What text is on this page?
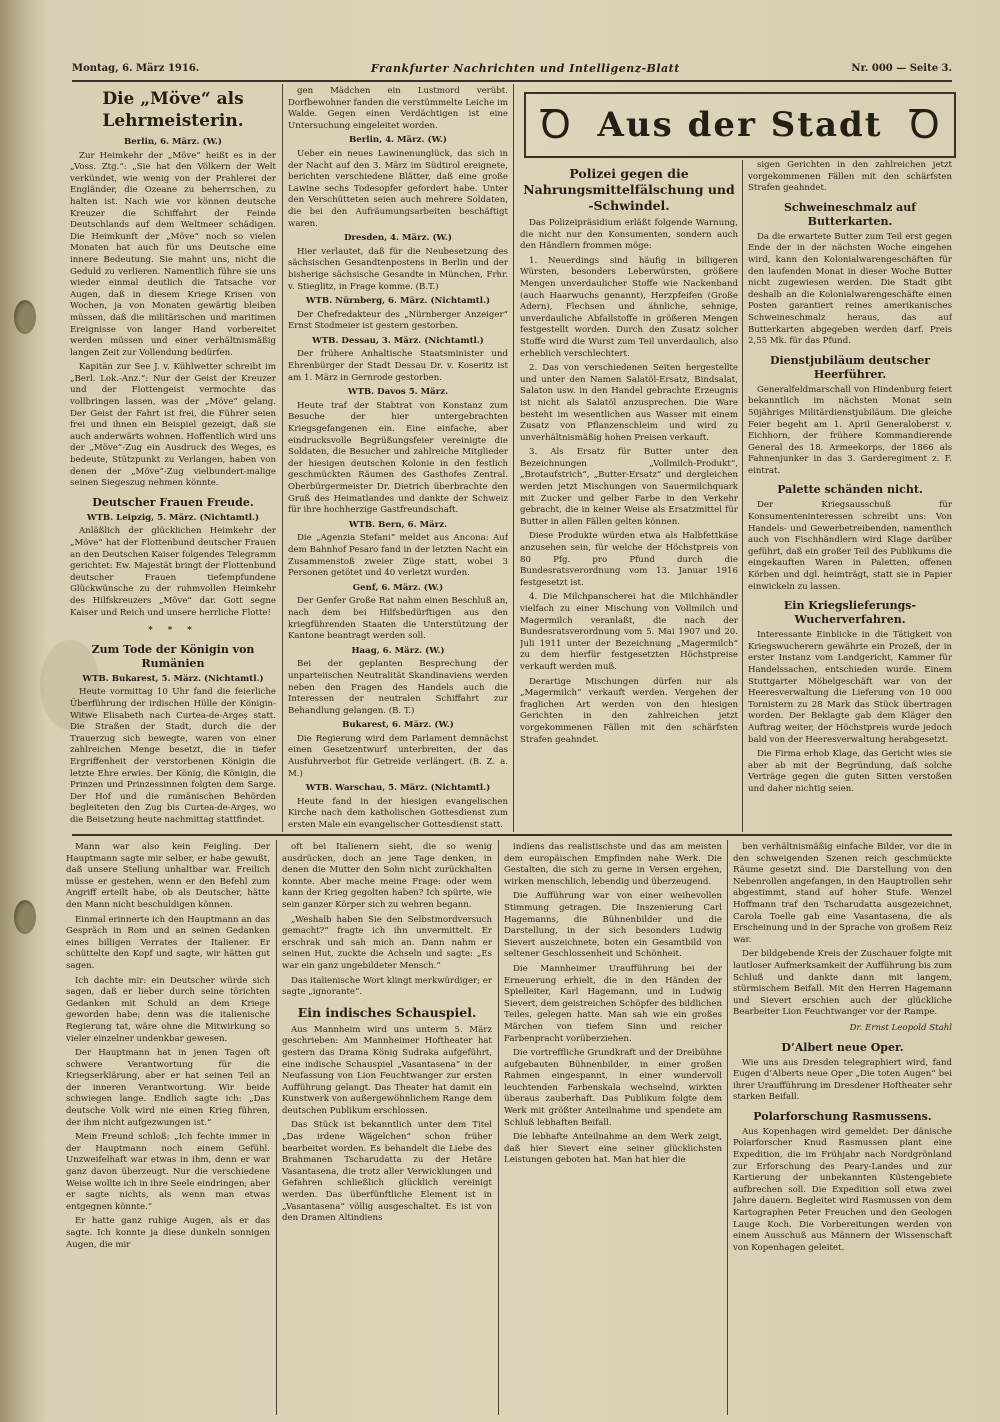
Montag, 6. März 1916.	Frankfurter Nachrichten und Intelligenz-Blatt	Nr. 000 — Seite 3.
Die „Möve“ als Lehrmeisterin.
Berlin, 6. März. (W.)

Zur Heimkehr der „Möve“ heißt es in der „Voss. Ztg.“: „Sie hat den Völkern der Welt verkündet, wie wenig von der Prahlerei der Engländer, die Ozeane zu beherrschen, zu halten ist. Nach wie vor können deutsche Kreuzer die Schiffahrt der Feinde Deutschlands auf dem Weltmeer schädigen. Die Heimkunft der „Möve“ noch so vielen Monaten hat auch für uns Deutsche eine innere Bedeutung. Sie mahnt uns, nicht die Geduld zu verlieren. Namentlich führe sie uns wieder einmal deutlich die Tatsache vor Augen, daß in diesem Kriege Krisen von Wochen, ja von Monaten gewärtig bleiben müssen, daß die militärischen und maritimen Ereignisse von langer Hand vorbereitet werden müssen und einer verhältnismäßig langen Zeit zur Vollendung bedürfen.

Kapitän zur See J. v. Kühlwetter schreibt im „Berl. Lok.-Anz.“: Nur der Geist der Kreuzer und der Flottengeist vermochte das vollbringen lassen, was der „Möve“ gelang. Der Geist der Fahrt ist frei, die Führer seien frei und ihnen ein Beispiel gezeigt, daß sie auch anderwärts wohnen. Hoffentlich wird uns der „Möve“-Zug ein Ausdruck des Weges, es bedeute, Stützpunkt zu Verlangen, haben von denen der „Möve“-Zug vielbundert-malige seinen Siegeszug nehmen könnte.

Deutscher Frauen Freude.
WTB. Leipzig, 5. März. (Nichtamtl.)

Anläßlich der glücklichen Heimkehr der „Möve“ hat der Flottenbund deutscher Frauen an den Deutschen Kaiser folgendes Telegramm gerichtet: Ew. Majestät bringt der Flottenbund deutscher Frauen tiefempfundene Glückwünsche zu der ruhmvollen Heimkehr des Hilfskreuzers „Möve“ dar. Gott segne Kaiser und Reich und unsere herrliche Flotte!

* * *
Zum Tode der Königin von Rumänien
WTB. Bukarest, 5. März. (Nichtamtl.)

Heute vormittag 10 Uhr fand die feierliche Überführung der irdischen Hülle der Königin-Witwe Elisabeth nach Curtea-de-Argeș statt. Die Straßen der Stadt, durch die der Trauerzug sich bewegte, waren von einer zahlreichen Menge besetzt, die in tiefer Ergriffenheit der verstorbenen Königin die letzte Ehre erwies. Der König, die Königin, die Prinzen und Prinzessinnen folgten dem Sarge. Der Hof und die rumänischen Behörden begleiteten den Zug bis Curtea-de-Argeș, wo die Beisetzung heute nachmittag stattfindet.

gen Mädchen ein Lustmord verübt. Dorfbewohner fanden die verstümmelte Leiche im Walde. Gegen einen Verdächtigen ist eine Untersuchung eingeleitet worden.

Berlin, 4. März. (W.)

Ueber ein neues Lawinenunglück, das sich in der Nacht auf den 3. März im Südtirol ereignete, berichten verschiedene Blätter, daß eine große Lawine sechs Todesopfer gefordert habe. Unter den Verschütteten seien auch mehrere Soldaten, die bei den Aufräumungsarbeiten beschäftigt waren.

Dresden, 4. März. (W.)

Hier verlautet, daß für die Neubesetzung des sächsischen Gesandtenpostens in Berlin und der bisherige sächsische Gesandte in München, Frhr. v. Stieglitz, in Frage komme. (B.T.)

WTB. Nürnberg, 6. März. (Nichtamtl.)

Der Chefredakteur des „Nürnberger Anzeiger“ Ernst Stodmeier ist gestern gestorben.

WTB. Dessau, 3. März. (Nichtamtl.)

Der frühere Anhaltische Staatsminister und Ehrenbürger der Stadt Dessau Dr. v. Koseritz ist am 1. März in Gernrode gestorben.

WTB. Davos 5. März.

Heute traf der Stabtrat von Konstanz zum Besuche der hier untergebrachten Kriegsgefangenen ein. Eine einfache, aber eindrucksvolle Begrüßungsfeier vereinigte die Soldaten, die Besucher und zahlreiche Mitglieder der hiesigen deutschen Kolonie in den festlich geschmückten Räumen des Gasthofes Zentral. Oberbürgermeister Dr. Dietrich überbrachte den Gruß des Heimatlandes und dankte der Schweiz für ihre hochherzige Gastfreundschaft.

WTB. Bern, 6. März.

Die „Agenzia Stefani“ meldet aus Ancona: Auf dem Bahnhof Pesaro fand in der letzten Nacht ein Zusammenstoß zweier Züge statt, wobei 3 Personen getötet und 40 verletzt wurden.

Genf, 6. März. (W.)

Der Genfer Große Rat nahm einen Beschluß an, nach dem bei Hilfsbedürftigen aus den kriegführenden Staaten die Unterstützung der Kantone beantragt werden soll.

Haag, 6. März. (W.)

Bei der geplanten Besprechung der unparteiischen Neutralität Skandinaviens werden neben den Fragen des Handels auch die Interessen der neutralen Schiffahrt zur Behandlung gelangen. (B. T.)

Bukarest, 6. März. (W.)

Die Regierung wird dem Parlament demnächst einen Gesetzentwurf unterbreiten, der das Ausfuhrverbot für Getreide verlängert. (B. Z. a. M.)

WTB. Warschau, 5. März. (Nichtamtl.)

Heute fand in der hiesigen evangelischen Kirche nach dem katholischen Gottesdienst zum ersten Male ein evangelischer Gottesdienst statt.

Ꝺ Aus der Stadt Ꝺ
Polizei gegen die Nahrungsmittelfälschung und -Schwindel.

Das Polizeipräsidium erläßt folgende Warnung, die nicht nur den Konsumenten, sondern auch den Händlern frommen möge:

1. Neuerdings sind häufig in billigeren Würsten, besonders Leberwürsten, größere Mengen unverdaulicher Stoffe wie Nackenband (auch Haarwuchs genannt), Herzpfeifen (Große Adern), Flechsen und ähnliche, sehnige, unverdauliche Abfallstoffe in größeren Mengen festgestellt worden. Durch den Zusatz solcher Stoffe wird die Wurst zum Teil unverdaulich, also erheblich verschlechtert.

2. Das von verschiedenen Seiten hergestellte und unter den Namen Salatöl-Ersatz, Bindsalat, Salaton usw. in den Handel gebrachte Erzeugnis ist nicht als Salatöl anzusprechen. Die Ware besteht im wesentlichen aus Wasser mit einem Zusatz von Pflanzenschleim und wird zu unverhältnismäßig hohen Preisen verkauft.

3. Als Ersatz für Butter unter den Bezeichnungen „Vollmilch-Produkt“, „Brotaufstrich“, „Butter-Ersatz“ und dergleichen werden jetzt Mischungen von Sauermilchquark mit Zucker und gelber Farbe in den Verkehr gebracht, die in keiner Weise als Ersatzmittel für Butter in allen Fällen gelten können.

Diese Produkte würden etwa als Halbfettkäse anzusehen sein, für welche der Höchstpreis von 80 Pfg. pro Pfund durch die Bundesratsverordnung vom 13. Januar 1916 festgesetzt ist.

4. Die Milchpanscherei hat die Milchhändler vielfach zu einer Mischung von Vollmilch und Magermilch veranlaßt, die nach der Bundesratsverordnung vom 5. Mai 1907 und 20. Juli 1911 unter der Bezeichnung „Magermilch“ zu dem hierfür festgesetzten Höchstpreise verkauft werden muß.

Derartige Mischungen dürfen nur als „Magermilch“ verkauft werden. Vergehen der fraglichen Art werden von den hiesigen Gerichten in den zahlreichen jetzt vorgekommenen Fällen mit den schärfsten Strafen geahndet.

sigen Gerichten in den zahlreichen jetzt vorgekommenen Fällen mit den schärfsten Strafen geahndet.

Schweineschmalz auf Butterkarten.

Da die erwartete Butter zum Teil erst gegen Ende der in der nächsten Woche eingehen wird, kann den Kolonialwarengeschäften für den laufenden Monat in dieser Woche Butter nicht zugewiesen werden. Die Stadt gibt deshalb an die Kolonialwarengeschäfte einen Posten garantiert reines amerikanisches Schweineschmalz heraus, das auf Butterkarten abgegeben werden darf. Preis 2,55 Mk. für das Pfund.

Dienstjubiläum deutscher Heerführer.

Generalfeldmarschall von Hindenburg feiert bekanntlich im nächsten Monat sein 50jähriges Militärdienstjubiläum. Die gleiche Feier begeht am 1. April Generaloberst v. Eichhorn, der frühere Kommandierende General des 18. Armeekorps, der 1866 als Fahnenjunker in das 3. Garderegiment z. F. eintrat.

Palette schänden nicht.

Der Kriegsausschuß für Konsumenteninteressen schreibt uns: Von Handels- und Gewerbetreibenden, namentlich auch von Fischhändlern wird Klage darüber geführt, daß ein großer Teil des Publikums die eingekauften Waren in Paletten, offenen Körben und dgl. heimträgt, statt sie in Papier einwickeln zu lassen.

Ein Kriegslieferungs-Wucherverfahren.

Interessante Einblicke in die Tätigkeit von Kriegswucherern gewährte ein Prozeß, der in erster Instanz vom Landgericht, Kammer für Handelssachen, entschieden wurde. Einem Stuttgarter Möbelgeschäft war von der Heeresverwaltung die Lieferung von 10 000 Tornistern zu 28 Mark das Stück übertragen worden. Der Beklagte gab dem Kläger den Auftrag weiter, der Höchstpreis wurde jedoch bald von der Heeresverwaltung herabgesetzt.

Die Firma erhob Klage, das Gericht wies sie aber ab mit der Begründung, daß solche Verträge gegen die guten Sitten verstoßen und daher nichtig seien.

Mann war also kein Feigling. Der Hauptmann sagte mir selber, er habe gewußt, daß unsere Stellung unhaltbar war. Freilich müsse er gestehen, wenn er den Befehl zum Angriff erteilt habe, ob als Deutscher, hätte den Mann nicht beschuldigen können.

Einmal erinnerte ich den Hauptmann an das Gespräch in Rom und an seinen Gedanken eines billigen Verrates der Italiener. Er schüttelte den Kopf und sagte, wir hätten gut sagen.

Ich dachte mir: ein Deutscher würde sich sagen, daß er lieber durch seine törichten Gedanken mit Schuld an dem Kriege geworden habe; denn was die italienische Regierung tat, wäre ohne die Mitwirkung so vieler einzelner undenkbar gewesen.

Der Hauptmann hat in jenen Tagen oft schwere Verantwortung für die Kriegserklärung, aber er hat seinen Teil an der inneren Verantwortung. Wir beide schwiegen lange. Endlich sagte ich: „Das deutsche Volk wird nie einen Krieg führen, der ihm nicht aufgezwungen ist.“

Mein Freund schloß: „Ich fechte immer in der Hauptmann noch einem Gefühl. Unzweifelhaft war etwas in ihm, denn er war ganz davon überzeugt. Nur die verschiedene Weise wollte ich in ihre Seele eindringen; aber er sagte nichts, als wenn man etwas entgegnen könnte.“

Er hatte ganz ruhige Augen, als er das sagte. Ich konnte ja diese dunkeln sonnigen Augen, die mir

oft bei Italienern sieht, die so wenig ausdrücken, doch an jene Tage denken, in denen die Mutter den Sohn nicht zurückhalten konnte. Aber mache meine Frage: oder wem kann der Krieg gegolten haben? Ich spürte, wie sein ganzer Körper sich zu wehren begann.

„Weshalb haben Sie den Selbstmordversuch gemacht?“ fragte ich ihn unvermittelt. Er erschrak und sah mich an. Dann nahm er seinen Hut, zuckte die Achseln und sagte: „Es war ein ganz ungebildeter Mensch.“

Das italienische Wort klingt merkwürdiger; er sagte „ignorante“.

Ein indisches Schauspiel.

Aus Mannheim wird uns unterm 5. März geschrieben: Am Mannheimer Hoftheater hat gestern das Drama König Sudraka aufgeführt, eine indische Schauspiel „Vasantasena“ in der Neufassung von Lion Feuchtwanger zur ersten Aufführung gelangt. Das Theater hat damit ein Kunstwerk von außergewöhnlichem Range dem deutschen Publikum erschlossen.

Das Stück ist bekanntlich unter dem Titel „Das irdene Wägelchen“ schon früher bearbeitet worden. Es behandelt die Liebe des Brahmanen Tscharudatta zu der Hetäre Vasantasena, die trotz aller Verwicklungen und Gefahren schließlich glücklich vereinigt werden. Das überfünftliche Element ist in „Vasantasena“ völlig ausgeschaltet. Es ist von den Dramen Altindiens

indiens das realistischste und das am meisten dem europäischen Empfinden nahe Werk. Die Gestalten, die sich zu gerne in Versen ergehen, wirken menschlich, lebendig und überzeugend.

Die Aufführung war von einer weihevollen Stimmung getragen. Die Inszenierung Carl Hagemanns, die Bühnenbilder und die Darstellung, in der sich besonders Ludwig Sievert auszeichnete, boten ein Gesamtbild von seltener Geschlossenheit und Schönheit.

Die Mannheimer Uraufführung bei der Erneuerung erhielt, die in den Händen der Spielleiter, Karl Hagemann, und in Ludwig Sievert, dem geistreichen Schöpfer des bildlichen Teiles, gelegen hatte. Man sah wie ein großes Märchen von tiefem Sinn und reicher Farbenpracht vorüberziehen.

Die vortreffliche Grundkraft und der Dreibühne aufgebauten Bühnenbilder, in einer großen Rahmen eingespannt, in einer wundervoll leuchtenden Farbenskala wechselnd, wirkten überaus zauberhaft. Das Publikum folgte dem Werk mit größter Anteilnahme und spendete am Schluß lebhaften Beifall.

Die lebhafte Anteilnahme an dem Werk zeigt, daß hier Sievert eine seiner glücklichsten Leistungen geboten hat. Man hat hier die

ben verhältnismäßig einfache Bilder, vor die in den schweigenden Szenen reich geschmückte Räume gesetzt sind. Die Darstellung von den Nebenrollen angefangen, in den Hauptrollen sehr abgestimmt, stand auf hoher Stufe. Wenzel Hoffmann traf den Tscharudatta ausgezeichnet, Carola Toelle gab eine Vasantasena, die als Erscheinung und in der Sprache von großem Reiz war.

Der bildgebende Kreis der Zuschauer folgte mit lautloser Aufmerksamkeit der Aufführung bis zum Schluß und dankte dann mit langem, stürmischem Beifall. Mit den Herren Hagemann und Sievert erschien auch der glückliche Bearbeiter Lion Feuchtwanger vor der Rampe.

Dr. Ernst Leopold Stahl
D’Albert neue Oper.

Wie uns aus Dresden telegraphiert wird, fand Eugen d’Alberts neue Oper „Die toten Augen“ bei ihrer Uraufführung im Dresdener Hoftheater sehr starken Beifall.

Polarforschung Rasmussens.

Aus Kopenhagen wird gemeldet: Der dänische Polarforscher Knud Rasmussen plant eine Expedition, die im Frühjahr nach Nordgrönland zur Erforschung des Peary-Landes und zur Kartierung der unbekannten Küstengebiete aufbrechen soll. Die Expedition soll etwa zwei Jahre dauern. Begleitet wird Rasmussen von dem Kartographen Peter Freuchen und den Geologen Lauge Koch. Die Vorbereitungen werden von einem Ausschuß aus Männern der Wissenschaft von Kopenhagen geleitet.
